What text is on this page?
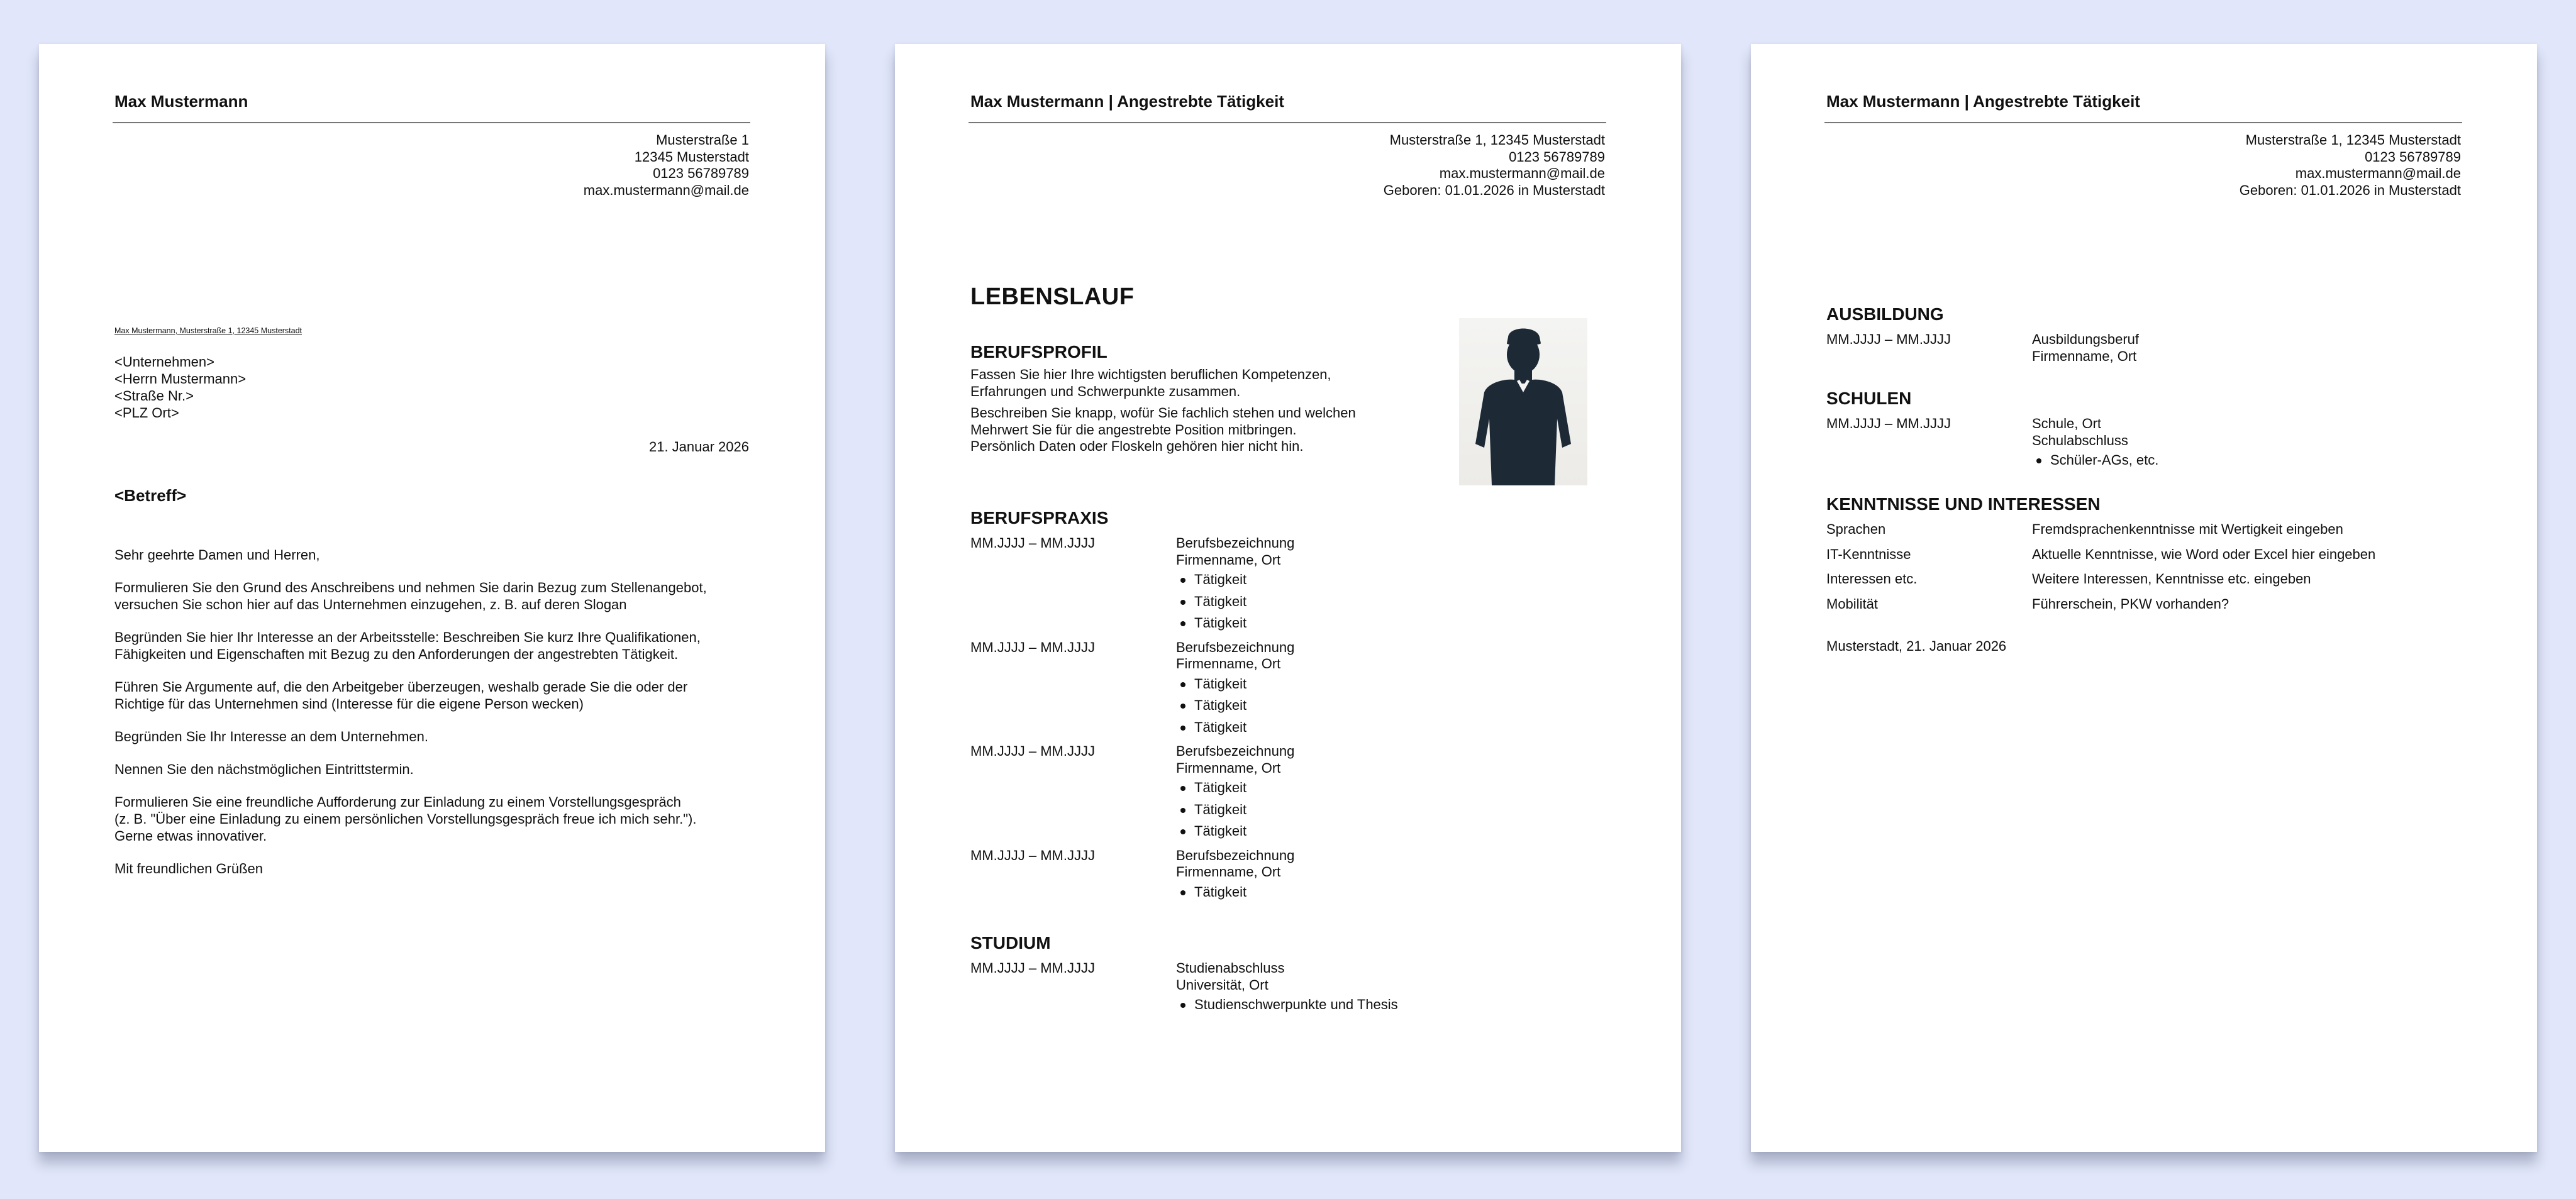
Max Mustermann
Musterstraße 1
12345 Musterstadt
0123 56789789
max.mustermann@mail.de
Max Mustermann, Musterstraße 1, 12345 Musterstadt
<Unternehmen>
<Herrn Mustermann>
<Straße Nr.>
<PLZ Ort>
21. Januar 2026
<Betreff>

Sehr geehrte Damen und Herren,

Formulieren Sie den Grund des Anschreibens und nehmen Sie darin Bezug zum Stellenangebot,
versuchen Sie schon hier auf das Unternehmen einzugehen, z. B. auf deren Slogan

Begründen Sie hier Ihr Interesse an der Arbeitsstelle: Beschreiben Sie kurz Ihre Qualifikationen,
Fähigkeiten und Eigenschaften mit Bezug zu den Anforderungen der angestrebten Tätigkeit.

Führen Sie Argumente auf, die den Arbeitgeber überzeugen, weshalb gerade Sie die oder der
Richtige für das Unternehmen sind (Interesse für die eigene Person wecken)

Begründen Sie Ihr Interesse an dem Unternehmen.

Nennen Sie den nächstmöglichen Eintrittstermin.

Formulieren Sie eine freundliche Aufforderung zur Einladung zu einem Vorstellungsgespräch
(z. B. "Über eine Einladung zu einem persönlichen Vorstellungsgespräch freue ich mich sehr.").
Gerne etwas innovativer.

Mit freundlichen Grüßen

Max Mustermann | Angestrebte Tätigkeit
Musterstraße 1, 12345 Musterstadt
0123 56789789
max.mustermann@mail.de
Geboren: 01.01.2026 in Musterstadt
LEBENSLAUF
BERUFSPROFIL

Fassen Sie hier Ihre wichtigsten beruflichen Kompetenzen,
Erfahrungen und Schwerpunkte zusammen.

Beschreiben Sie knapp, wofür Sie fachlich stehen und welchen
Mehrwert Sie für die angestrebte Position mitbringen.
Persönlich Daten oder Floskeln gehören hier nicht hin.

BERUFSPRAXIS
MM.JJJJ – MM.JJJJ	Berufsbezeichnung
Firmenname, Ort
Tätigkeit
Tätigkeit
Tätigkeit
MM.JJJJ – MM.JJJJ	Berufsbezeichnung
Firmenname, Ort
Tätigkeit
Tätigkeit
Tätigkeit
MM.JJJJ – MM.JJJJ	Berufsbezeichnung
Firmenname, Ort
Tätigkeit
Tätigkeit
Tätigkeit
MM.JJJJ – MM.JJJJ	Berufsbezeichnung
Firmenname, Ort
Tätigkeit
STUDIUM
MM.JJJJ – MM.JJJJ	Studienabschluss
Universität, Ort
Studienschwerpunkte und Thesis
Max Mustermann | Angestrebte Tätigkeit
Musterstraße 1, 12345 Musterstadt
0123 56789789
max.mustermann@mail.de
Geboren: 01.01.2026 in Musterstadt
AUSBILDUNG
MM.JJJJ – MM.JJJJ	Ausbildungsberuf
Firmenname, Ort
SCHULEN
MM.JJJJ – MM.JJJJ	Schule, Ort
Schulabschluss
Schüler-AGs, etc.
KENNTNISSE UND INTERESSEN
Sprachen	Fremdsprachenkenntnisse mit Wertigkeit eingeben
IT-Kenntnisse	Aktuelle Kenntnisse, wie Word oder Excel hier eingeben
Interessen etc.	Weitere Interessen, Kenntnisse etc. eingeben
Mobilität	Führerschein, PKW vorhanden?
Musterstadt, 21. Januar 2026
